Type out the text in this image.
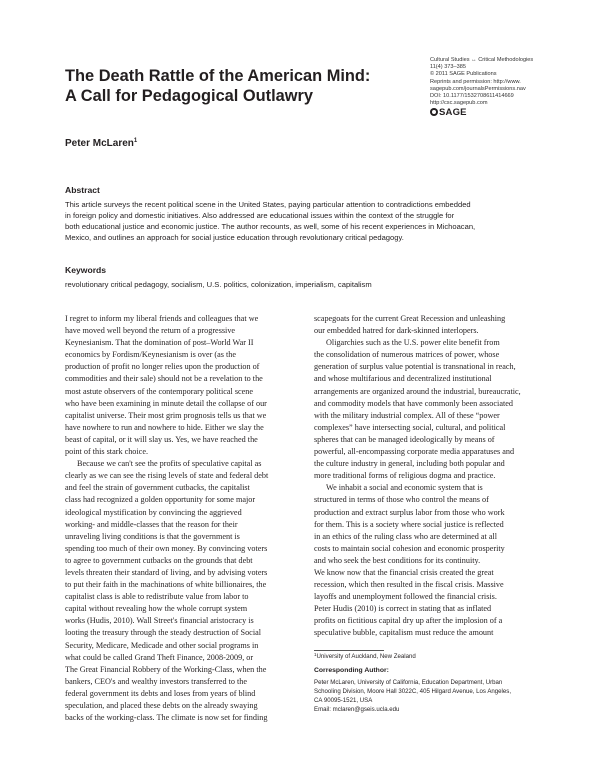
Cultural Studies ↔ Critical Methodologies
11(4) 373–385
© 2011 SAGE Publications
Reprints and permission: http://www.
sagepub.com/journalsPermissions.nav
DOI: 10.1177/1532708611414669
http://csc.sagepub.com
SAGE
The Death Rattle of the American Mind:
A Call for Pedagogical Outlawry
Peter McLaren$^1$
Abstract
This article surveys the recent political scene in the United States, paying particular attention to contradictions embedded
in foreign policy and domestic initiatives. Also addressed are educational issues within the context of the struggle for
both educational justice and economic justice. The author recounts, as well, some of his recent experiences in Michoacan,
Mexico, and outlines an approach for social justice education through revolutionary critical pedagogy.
Keywords
revolutionary critical pedagogy, socialism, U.S. politics, colonization, imperialism, capitalism
I regret to inform my liberal friends and colleagues that we
have moved well beyond the return of a progressive
Keynesianism. That the domination of post–World War II
economics by Fordism/Keynesianism is over (as the
production of profit no longer relies upon the production of
commodities and their sale) should not be a revelation to the
most astute observers of the contemporary political scene
who have been examining in minute detail the collapse of our
capitalist universe. Their most grim prognosis tells us that we
have nowhere to run and nowhere to hide. Either we slay the
beast of capital, or it will slay us. Yes, we have reached the
point of this stark choice.
Because we can't see the profits of speculative capital as
clearly as we can see the rising levels of state and federal debt
and feel the strain of government cutbacks, the capitalist
class had recognized a golden opportunity for some major
ideological mystification by convincing the aggrieved
working- and middle-classes that the reason for their
unraveling living conditions is that the government is
spending too much of their own money. By convincing voters
to agree to government cutbacks on the grounds that debt
levels threaten their standard of living, and by advising voters
to put their faith in the machinations of white billionaires, the
capitalist class is able to redistribute value from labor to
capital without revealing how the whole corrupt system
works (Hudis, 2010). Wall Street's financial aristocracy is
looting the treasury through the steady destruction of Social
Security, Medicare, Medicade and other social programs in
what could be called Grand Theft Finance, 2008-2009, or
The Great Financial Robbery of the Working-Class, when the
bankers, CEO's and wealthy investors transferred to the
federal government its debts and loses from years of blind
speculation, and placed these debts on the already swaying
backs of the working-class. The climate is now set for finding
scapegoats for the current Great Recession and unleashing
our embedded hatred for dark-skinned interlopers.
Oligarchies such as the U.S. power elite benefit from
the consolidation of numerous matrices of power, whose
generation of surplus value potential is transnational in reach,
and whose multifarious and decentralized institutional
arrangements are organized around the industrial, bureaucratic,
and commodity models that have commonly been associated
with the military industrial complex. All of these “power
complexes” have intersecting social, cultural, and political
spheres that can be managed ideologically by means of
powerful, all-encompassing corporate media apparatuses and
the culture industry in general, including both popular and
more traditional forms of religious dogma and practice.
We inhabit a social and economic system that is
structured in terms of those who control the means of
production and extract surplus labor from those who work
for them. This is a society where social justice is reflected
in an ethics of the ruling class who are determined at all
costs to maintain social cohesion and economic prosperity
and who seek the best conditions for its continuity.
We know now that the financial crisis created the great
recession, which then resulted in the fiscal crisis. Massive
layoffs and unemployment followed the financial crisis.
Peter Hudis (2010) is correct in stating that as inflated
profits on fictitious capital dry up after the implosion of a
speculative bubble, capitalism must reduce the amount
$^1$University of Auckland, New Zealand
Corresponding Author:
Peter McLaren, University of California, Education Department, Urban
Schooling Division, Moore Hall 3022C, 405 Hilgard Avenue, Los Angeles,
CA 90095-1521, USA
Email: mclaren@gseis.ucla.edu
